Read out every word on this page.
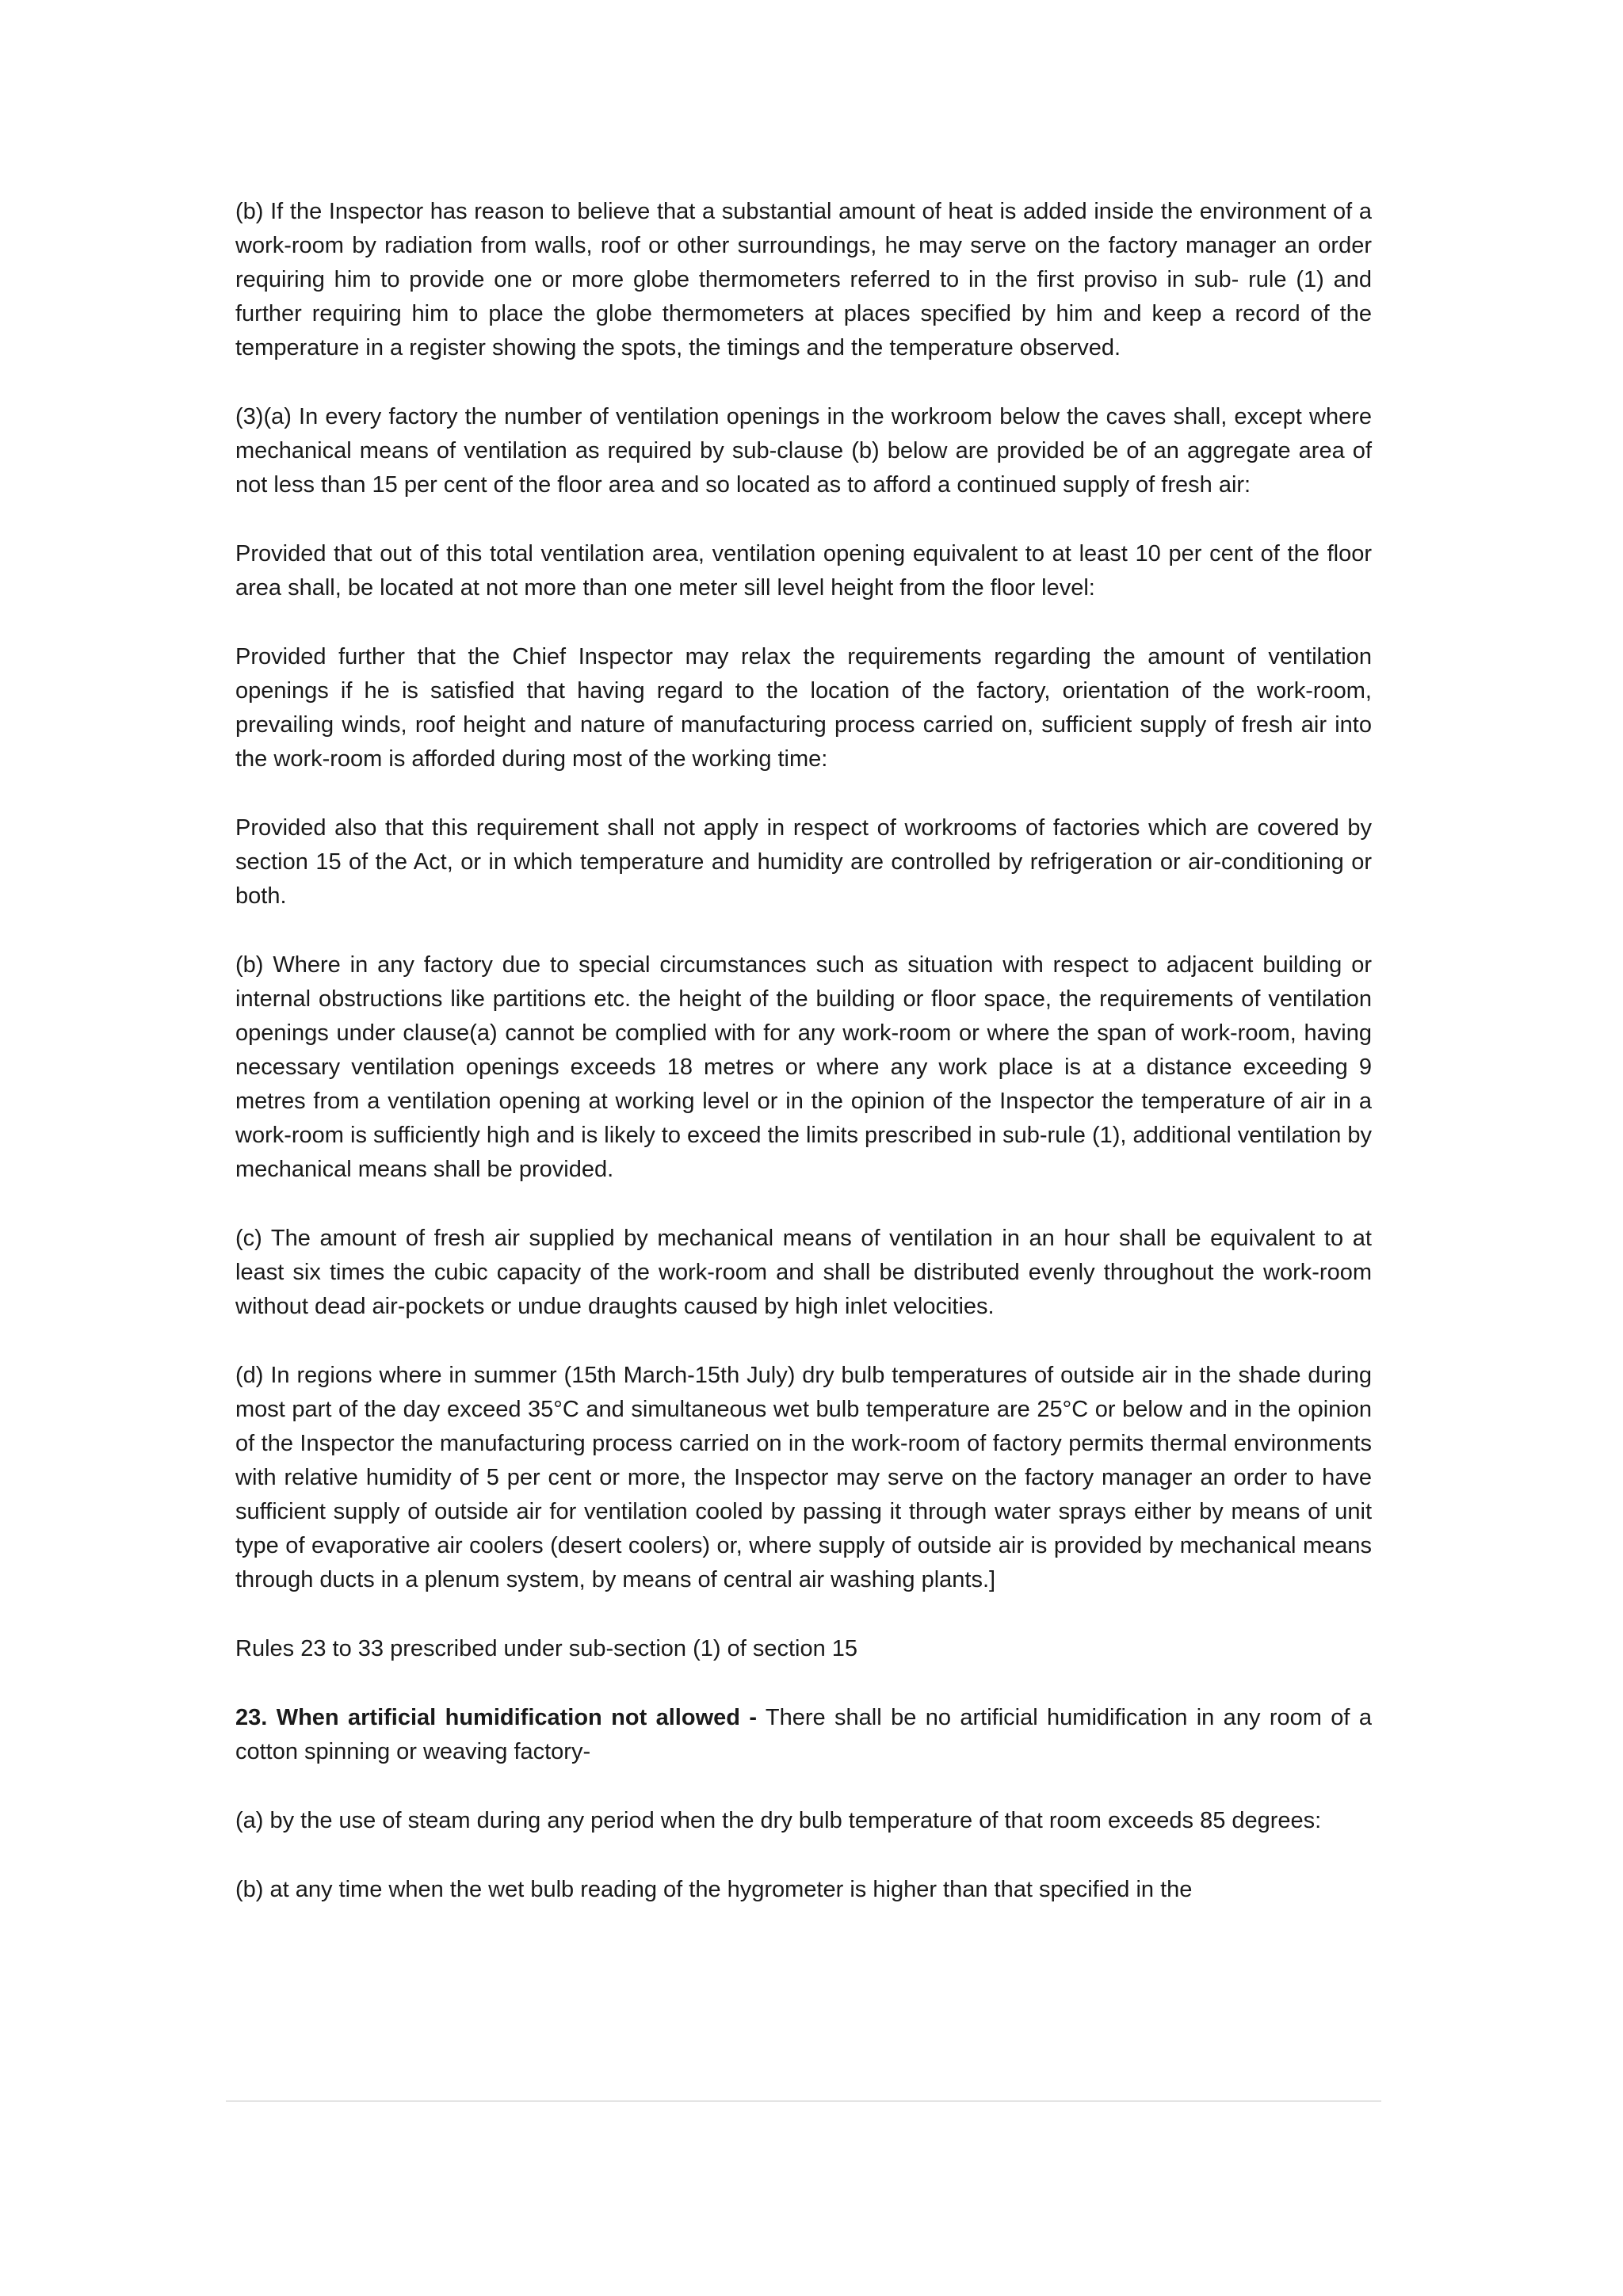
(b) If the Inspector has reason to believe that a substantial amount of heat is added inside the environment of a work-room by radiation from walls, roof or other surroundings, he may serve on the factory manager an order requiring him to provide one or more globe thermometers referred to in the first proviso in sub- rule (1) and further requiring him to place the globe thermometers at places specified by him and keep a record of the temperature in a register showing the spots, the timings and the temperature observed.

(3)(a) In every factory the number of ventilation openings in the workroom below the caves shall, except where mechanical means of ventilation as required by sub-clause (b) below are provided be of an aggregate area of not less than 15 per cent of the floor area and so located as to afford a continued supply of fresh air:

Provided that out of this total ventilation area, ventilation opening equivalent to at least 10 per cent of the floor area shall, be located at not more than one meter sill level height from the floor level:

Provided further that the Chief Inspector may relax the requirements regarding the amount of ventilation openings if he is satisfied that having regard to the location of the factory, orientation of the work-room, prevailing winds, roof height and nature of manufacturing process carried on, sufficient supply of fresh air into the work-room is afforded during most of the working time:

Provided also that this requirement shall not apply in respect of workrooms of factories which are covered by section 15 of the Act, or in which temperature and humidity are controlled by refrigeration or air-conditioning or both.

(b) Where in any factory due to special circumstances such as situation with respect to adjacent building or internal obstructions like partitions etc. the height of the building or floor space, the requirements of ventilation openings under clause(a) cannot be complied with for any work-room or where the span of work-room, having necessary ventilation openings exceeds 18 metres or where any work place is at a distance exceeding 9 metres from a ventilation opening at working level or in the opinion of the Inspector the temperature of air in a work-room is sufficiently high and is likely to exceed the limits prescribed in sub-rule (1), additional ventilation by mechanical means shall be provided.

(c) The amount of fresh air supplied by mechanical means of ventilation in an hour shall be equivalent to at least six times the cubic capacity of the work-room and shall be distributed evenly throughout the work-room without dead air-pockets or undue draughts caused by high inlet velocities.

(d) In regions where in summer (15th March-15th July) dry bulb temperatures of outside air in the shade during most part of the day exceed 35°C and simultaneous wet bulb temperature are 25°C or below and in the opinion of the Inspector the manufacturing process carried on in the work-room of factory permits thermal environments with relative humidity of 5 per cent or more, the Inspector may serve on the factory manager an order to have sufficient supply of outside air for ventilation cooled by passing it through water sprays either by means of unit type of evaporative air coolers (desert coolers) or, where supply of outside air is provided by mechanical means through ducts in a plenum system, by means of central air washing plants.]

Rules 23 to 33 prescribed under sub-section (1) of section 15

23. When artificial humidification not allowed - There shall be no artificial humidification in any room of a cotton spinning or weaving factory-

(a) by the use of steam during any period when the dry bulb temperature of that room exceeds 85 degrees:

(b) at any time when the wet bulb reading of the hygrometer is higher than that specified in the
